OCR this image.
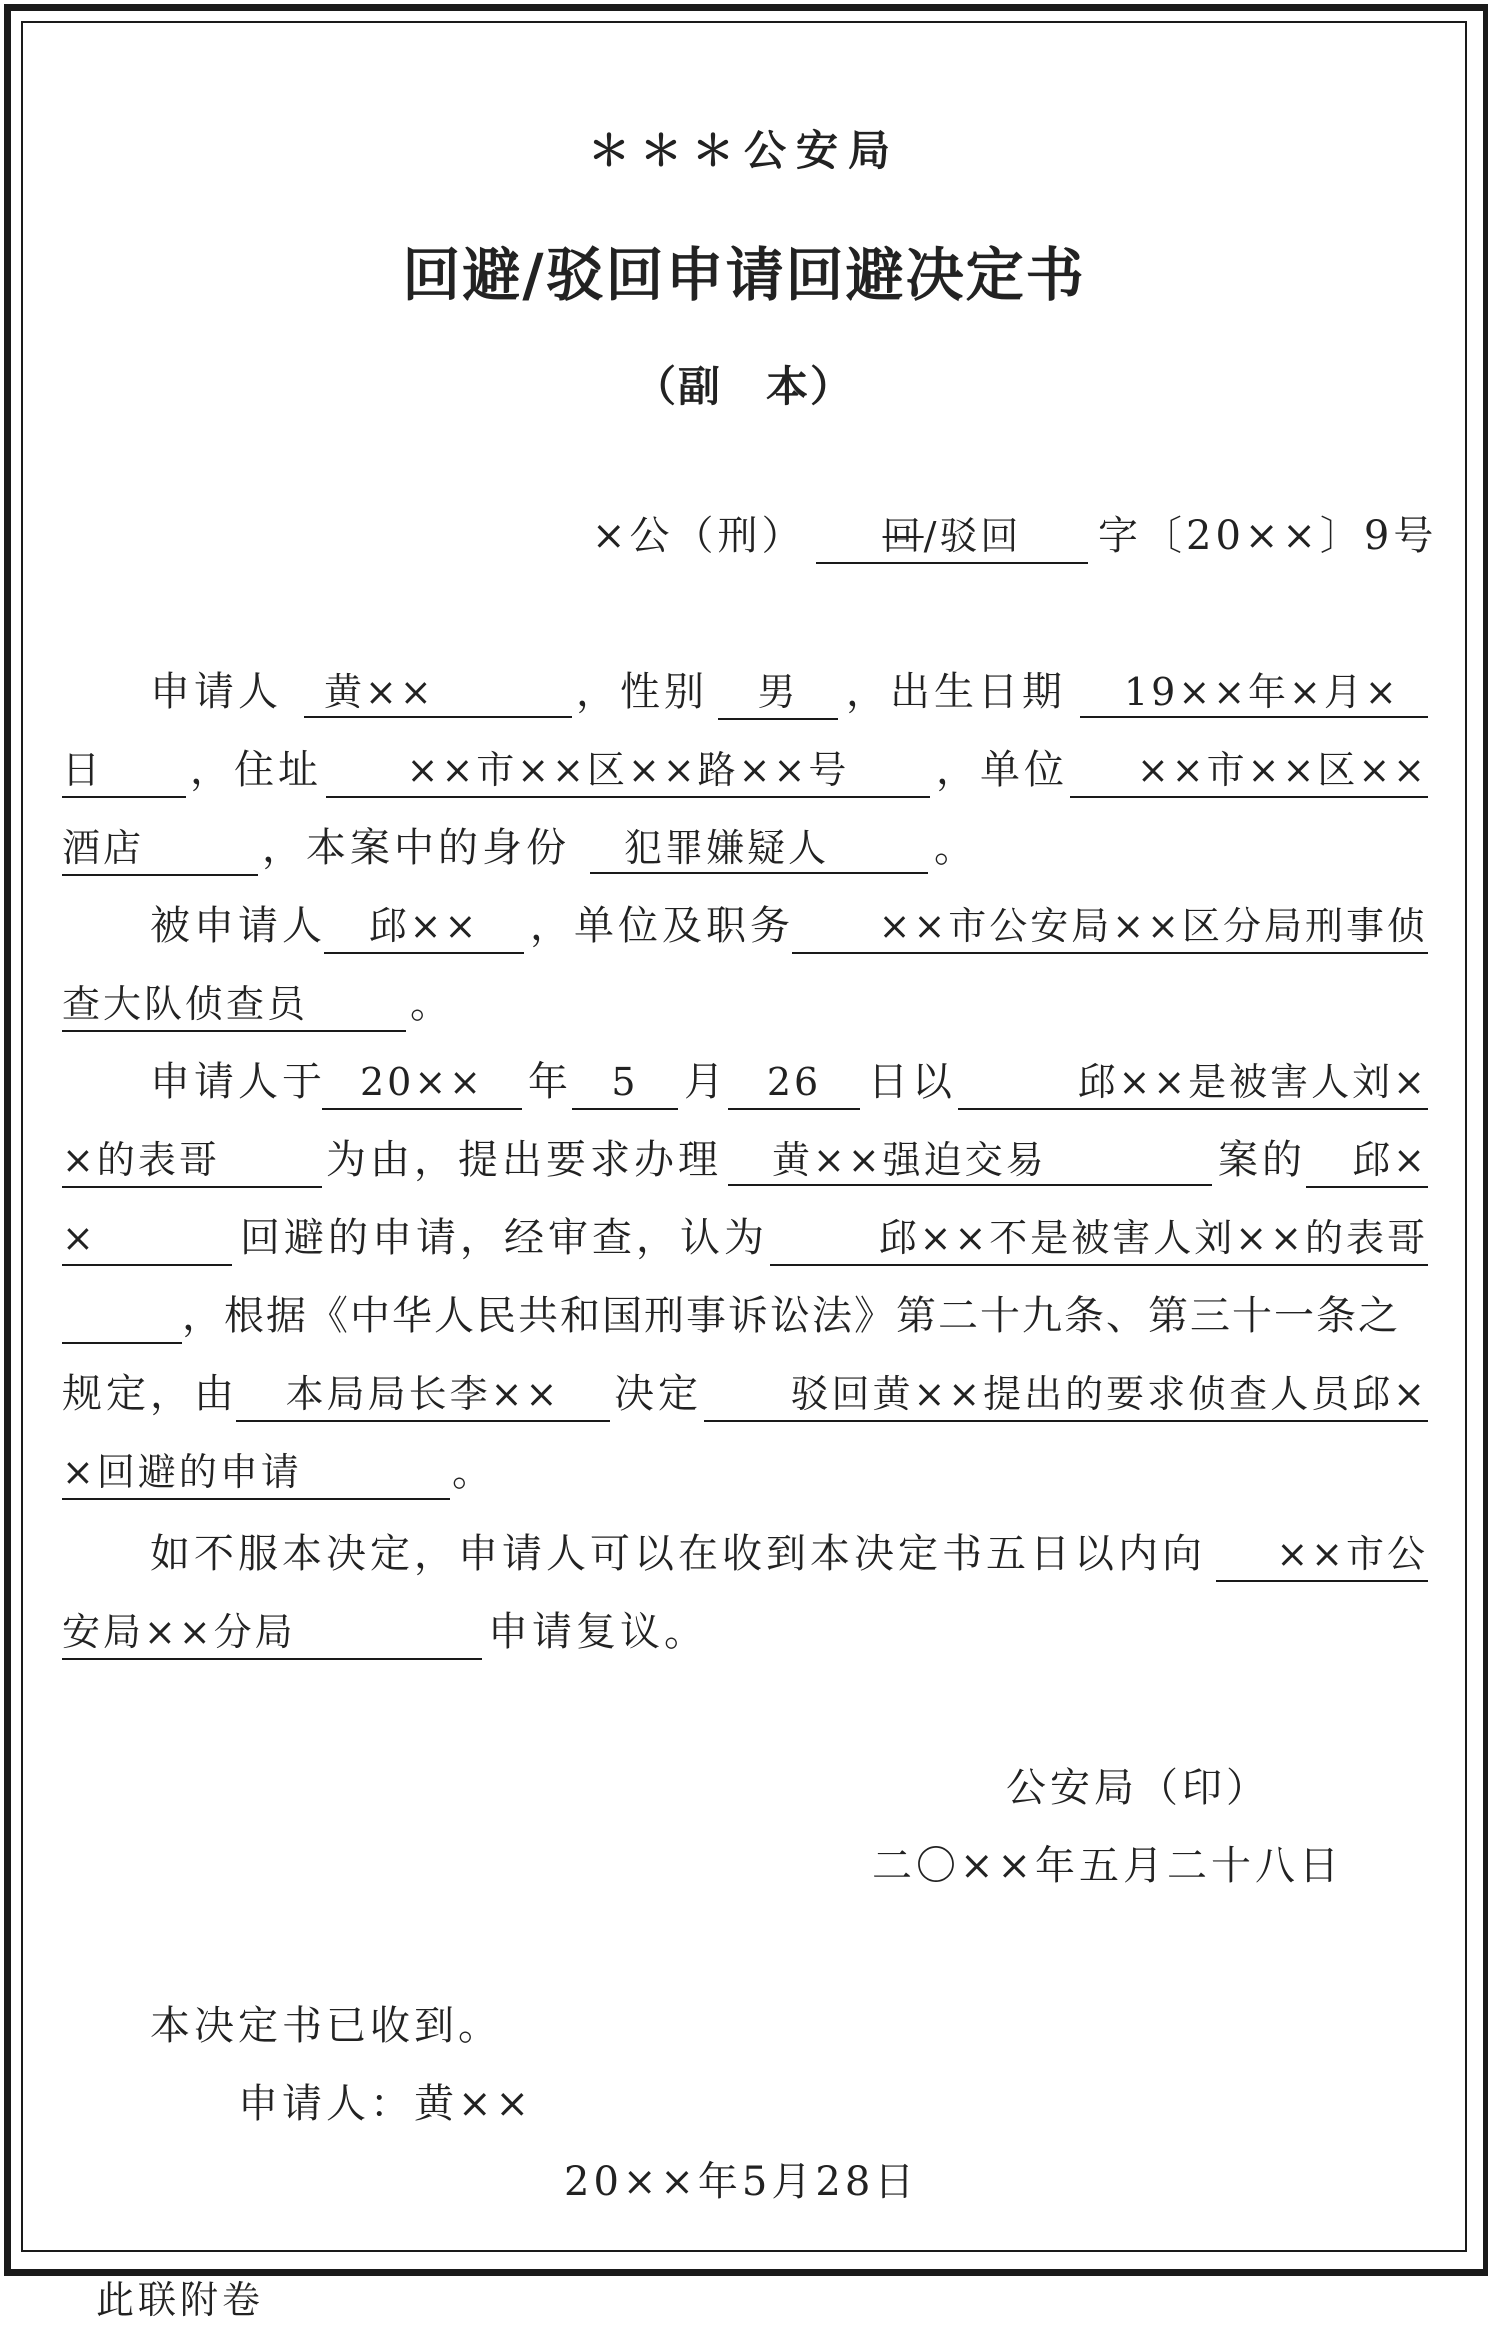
＊＊＊公安局
回避/驳回申请回避决定书
（副　本）
×公（刑）	回/驳回	字〔20××〕9号
申请人	黄××	，性别	男	，出生日期	19××年×月×
日	，住址	××市××区××路××号	，单位	××市××区××
酒店	，本案中的身份	犯罪嫌疑人	。
被申请人	邱××	，单位及职务	××市公安局××区分局刑事侦
查大队侦查员	。
申请人于 20××	年	5	月	26	日以	邱××是被害人刘×
×的表哥	为由，提出要求办理	黄××强迫交易	案的	邱×
×	回避的申请，经审查，认为	邱××不是被害人刘××的表哥
，根据《中华人民共和国刑事诉讼法》第二十九条、第三十一条之
规定，由	本局局长李××	决定	驳回黄××提出的要求侦查人员邱×
×回避的申请	。
如不服本决定，申请人可以在收到本决定书五日以内向	××市公
安局××分局	申请复议。
公安局（印）
二〇××年五月二十八日
本决定书已收到。
申请人：黄××
20××年5月28日
此联附卷
